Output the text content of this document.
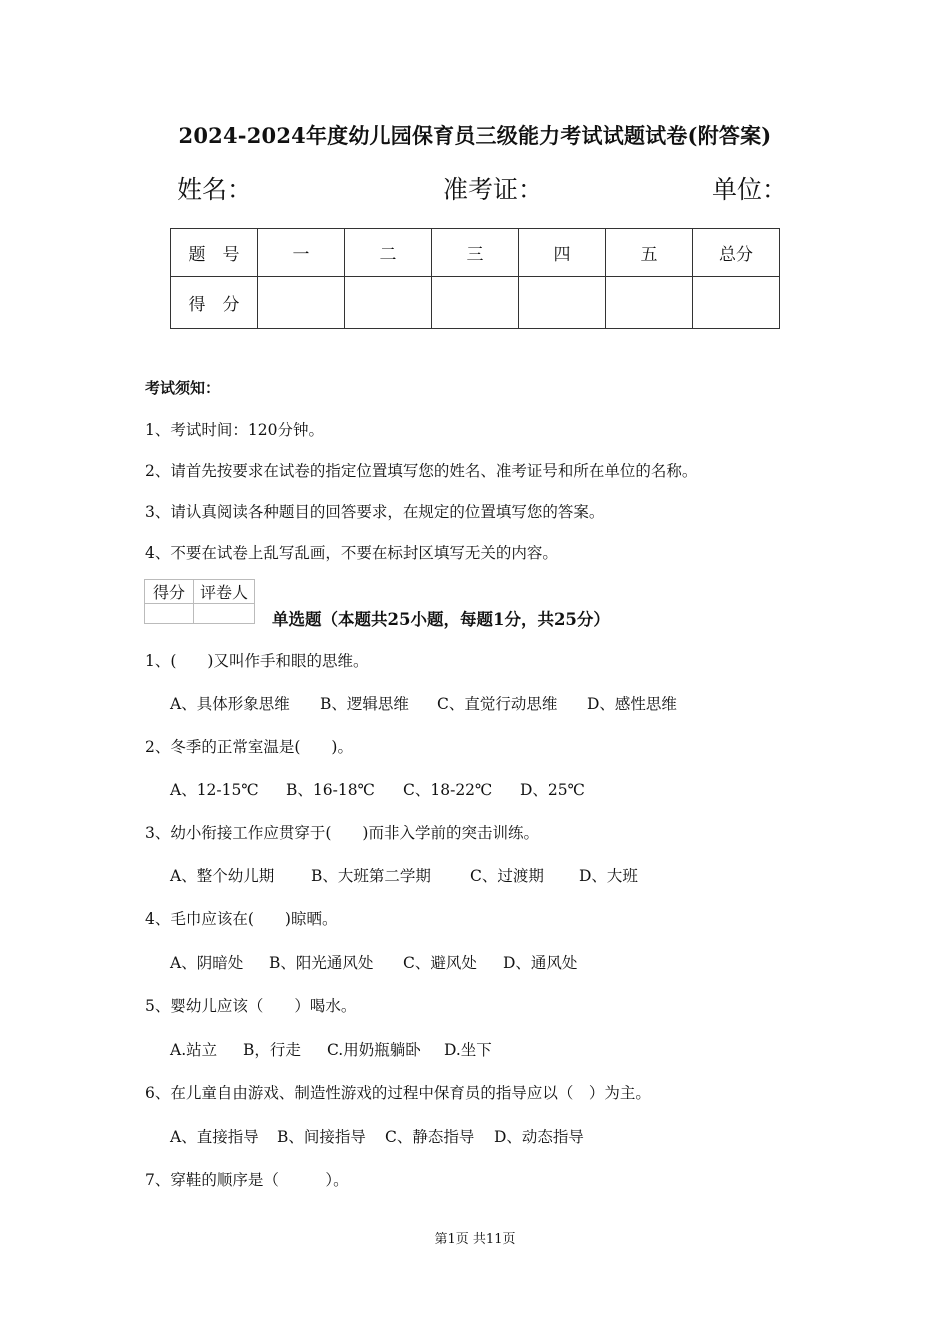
2024-2024年度幼儿园保育员三级能力考试试题试卷(附答案)
姓名：	准考证：	单位：
题　号	一	二	三	四	五	总分
得　分						
考试须知：
1、考试时间：120分钟。
2、请首先按要求在试卷的指定位置填写您的姓名、准考证号和所在单位的名称。
3、请认真阅读各种题目的回答要求，在规定的位置填写您的答案。
4、不要在试卷上乱写乱画，不要在标封区填写无关的内容。
得分	评卷人

单选题（本题共25小题，每题1分，共25分）
1、(　　)又叫作手和眼的思维。
A、具体形象思维 B、逻辑思维 C、直觉行动思维 D、感性思维
2、冬季的正常室温是(　　)。
A、12-15℃ B、16-18℃ C、18-22℃ D、25℃
3、幼小衔接工作应贯穿于(　　)而非入学前的突击训练。
A、整个幼儿期 B、大班第二学期	C、过渡期 D、大班
4、毛巾应该在(　　)晾晒。
A、阴暗处 B、阳光通风处 C、避风处 D、通风处
5、婴幼儿应该（　　）喝水。
A.站立 B，行走 C.用奶瓶躺卧 D.坐下
6、在儿童自由游戏、制造性游戏的过程中保育员的指导应以（　）为主。
A、直接指导 B、间接指导 C、静态指导 D、动态指导
7、穿鞋的顺序是（　　　）。
第1页 共11页
